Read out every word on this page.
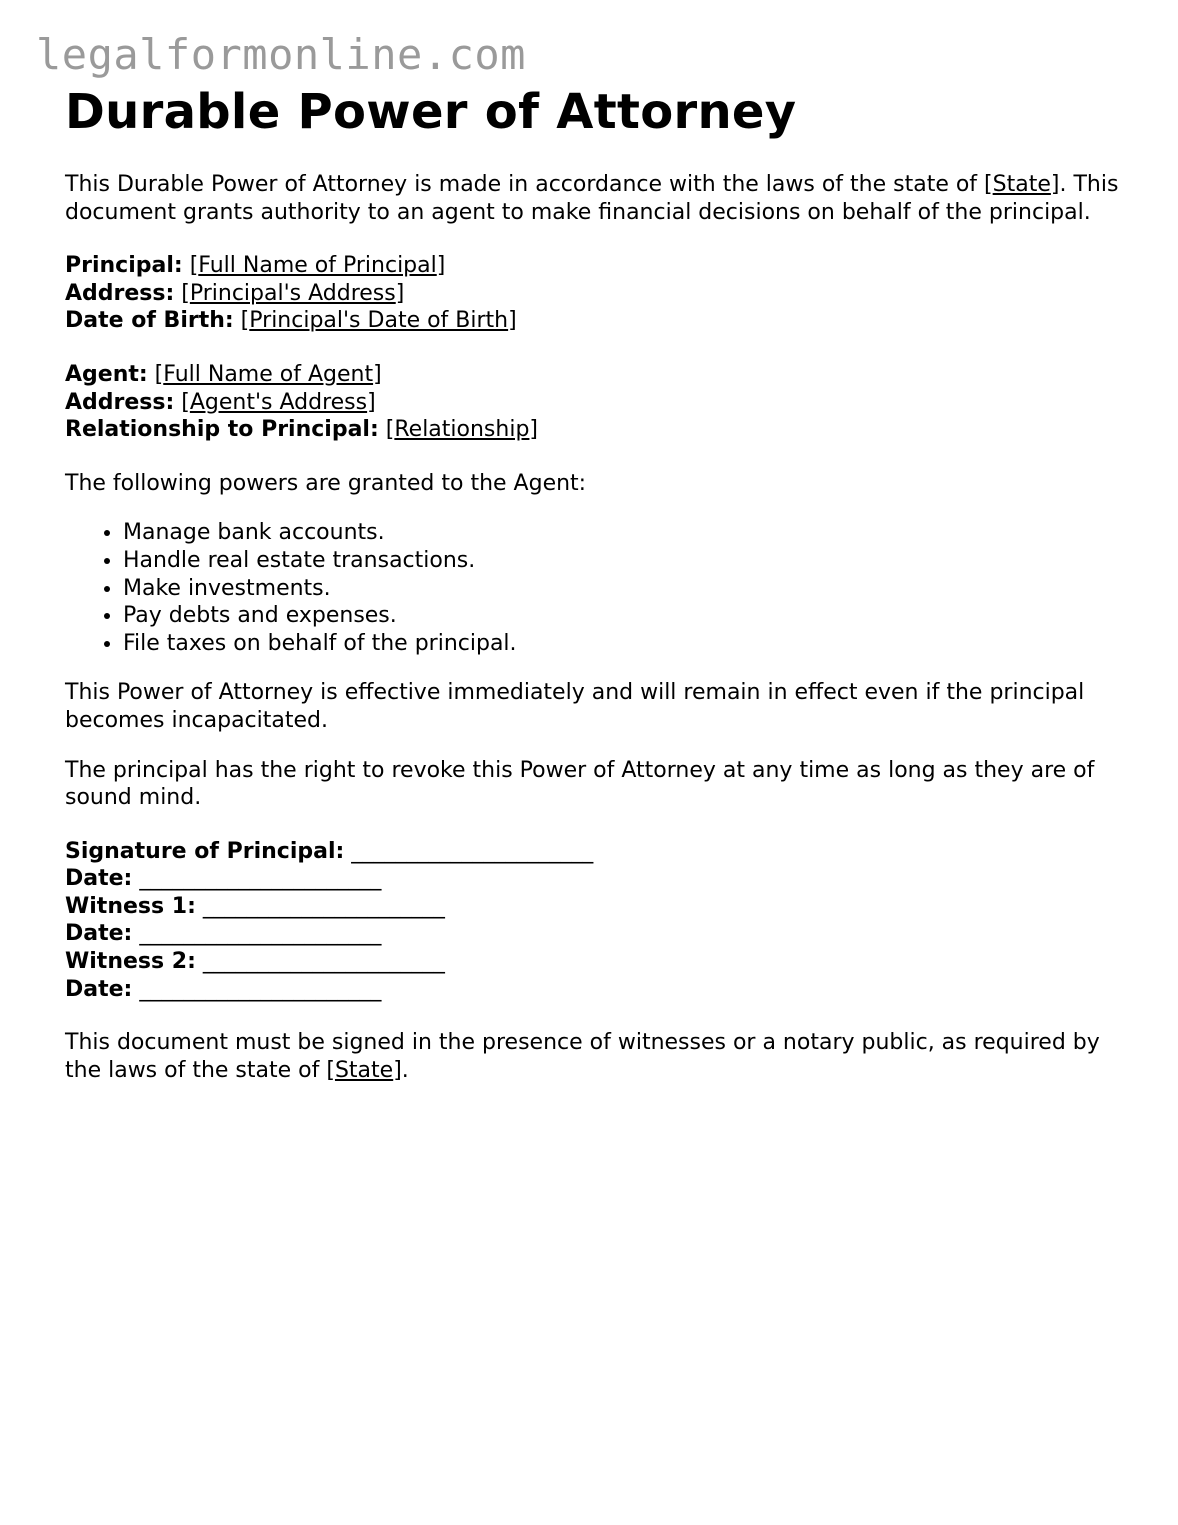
legalformonline.com
Durable Power of Attorney

This Durable Power of Attorney is made in accordance with the laws of the state of [State]. This document grants authority to an agent to make financial decisions on behalf of the principal.

Principal: [Full Name of Principal]
Address: [Principal's Address]
Date of Birth: [Principal's Date of Birth]
Agent: [Full Name of Agent]
Address: [Agent's Address]
Relationship to Principal: [Relationship]

The following powers are granted to the Agent:

• Manage bank accounts.
• Handle real estate transactions.
• Make investments.
• Pay debts and expenses.
• File taxes on behalf of the principal.

This Power of Attorney is effective immediately and will remain in effect even if the principal becomes incapacitated.

The principal has the right to revoke this Power of Attorney at any time as long as they are of sound mind.

Signature of Principal: ______________________
Date: ______________________
Witness 1: ______________________
Date: ______________________
Witness 2: ______________________
Date: ______________________

This document must be signed in the presence of witnesses or a notary public, as required by the laws of the state of [State].
